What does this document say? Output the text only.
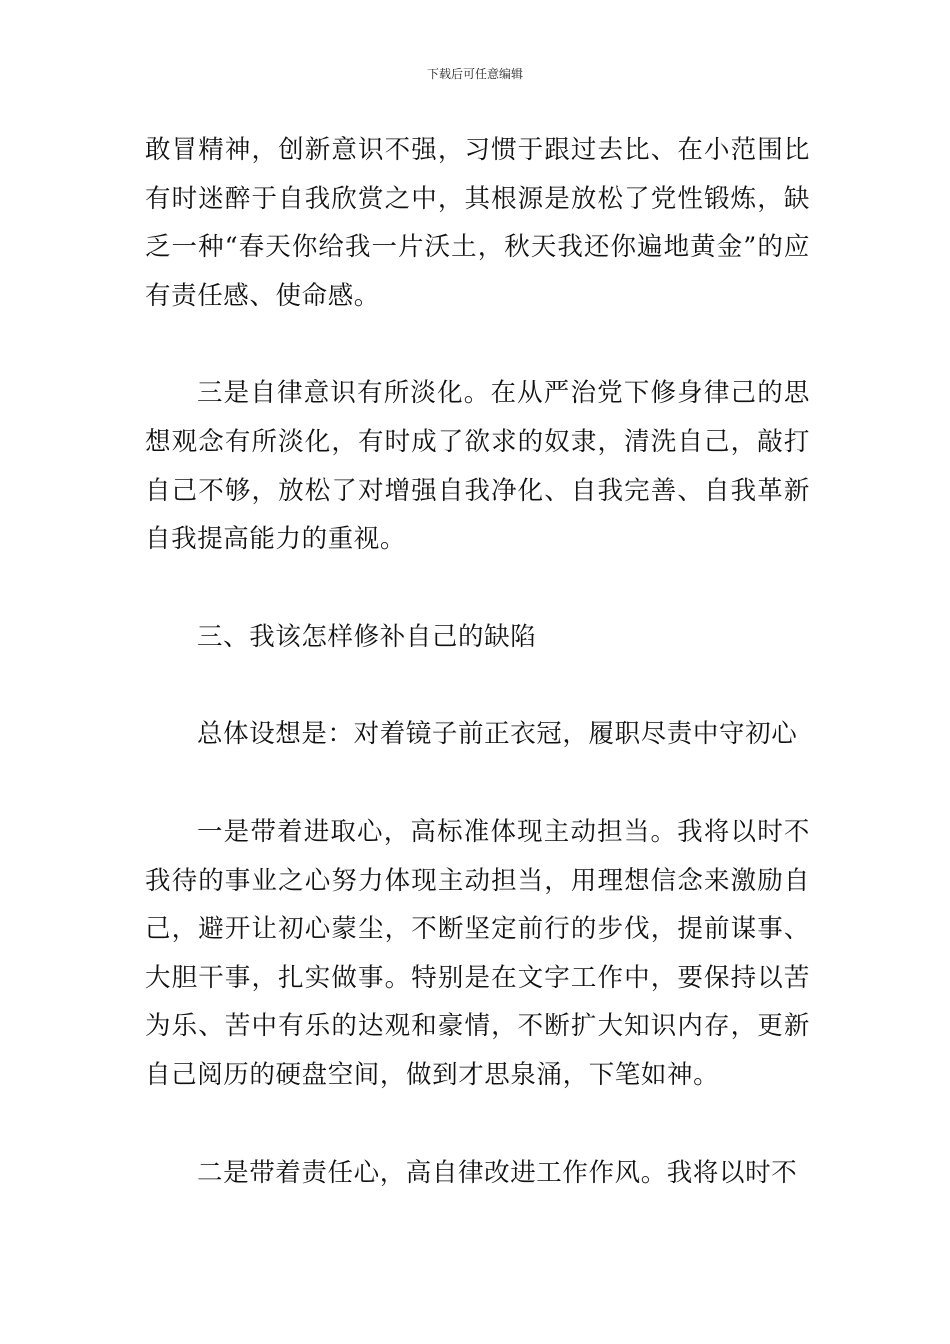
下载后可任意编辑

敢冒精神，创新意识不强，习惯于跟过去比、在小范围比有时迷醉于自我欣赏之中，其根源是放松了党性锻炼，缺乏一种“春天你给我一片沃土，秋天我还你遍地黄金”的应有责任感、使命感。

三是自律意识有所淡化。在从严治党下修身律己的思想观念有所淡化，有时成了欲求的奴隶，清洗自己，敲打自己不够，放松了对增强自我净化、自我完善、自我革新自我提高能力的重视。

三、我该怎样修补自己的缺陷

总体设想是：对着镜子前正衣冠，履职尽责中守初心

一是带着进取心，高标准体现主动担当。我将以时不我待的事业之心努力体现主动担当，用理想信念来激励自己，避开让初心蒙尘，不断坚定前行的步伐，提前谋事、大胆干事，扎实做事。特别是在文字工作中，要保持以苦为乐、苦中有乐的达观和豪情，不断扩大知识内存，更新自己阅历的硬盘空间，做到才思泉涌，下笔如神。

二是带着责任心，高自律改进工作作风。我将以时不
